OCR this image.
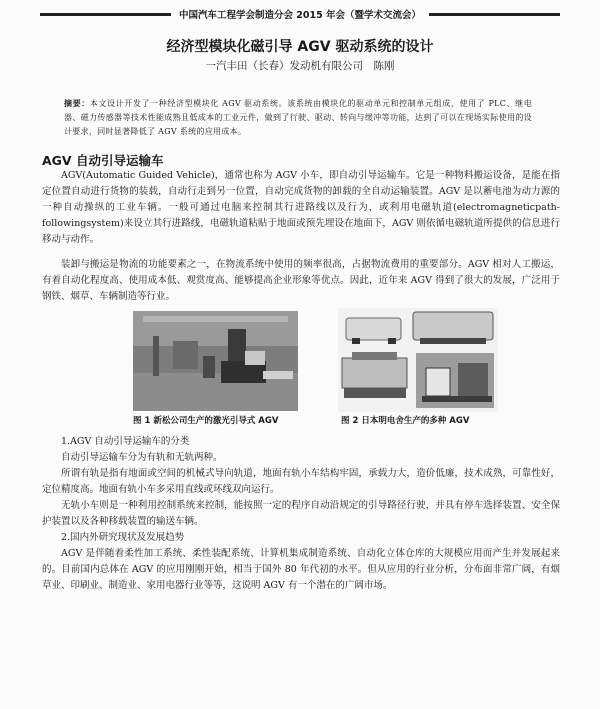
中国汽车工程学会制造分会 2015 年会（暨学术交流会）
经济型模块化磁引导 AGV 驱动系统的设计
一汽丰田（长春）发动机有限公司　陈刚
摘要：本文设计开发了一种经济型模块化 AGV 驱动系统。该系统由模块化的驱动单元和控制单元组成，使用了 PLC、继电器、磁力传感器等技术性能成熟且低成本的工业元件，做到了行驶、驱动、转向与缓冲等功能，达到了可以在现场实际使用的设计要求，同时显著降低了 AGV 系统的应用成本。
AGV 自动引导运输车

AGV(Automatic Guided Vehicle)，通常也称为 AGV 小车，即自动引导运输车。它是一种物料搬运设备，是能在指定位置自动进行货物的装载，自动行走到另一位置，自动完成货物的卸载的全自动运输装置。AGV 是以蓄电池为动力源的一种自动操纵的工业车辆。一般可通过电脑来控制其行进路线以及行为，或利用电磁轨道(electromagneticpath-followingsystem)来设立其行进路线，电磁轨道粘贴于地面或预先埋设在地面下，AGV 则依循电磁轨道所提供的信息进行移动与动作。

装卸与搬运是物流的功能要素之一，在物流系统中使用的频率很高，占据物流费用的重要部分。AGV 相对人工搬运，有着自动化程度高、使用成本低、观赏度高、能够提高企业形象等优点。因此，近年来 AGV 得到了很大的发展，广泛用于钢铁、烟草、车辆制造等行业。

图 1 新松公司生产的激光引导式 AGV	图 2 日本明电舍生产的多种 AGV
1.AGV 自动引导运输车的分类
自动引导运输车分为有轨和无轨两种。
所谓有轨是指有地面或空间的机械式导向轨道，地面有轨小车结构牢固，承载力大，造价低廉，技术成熟，可靠性好，定位精度高。地面有轨小车多采用直线或环线双向运行。
无轨小车则是一种利用控制系统来控制，能按照一定的程序自动沿规定的引导路径行驶，并具有停车选择装置、安全保护装置以及各种移载装置的输送车辆。
2.国内外研究现状及发展趋势
AGV 是伴随着柔性加工系统、柔性装配系统、计算机集成制造系统、自动化立体仓库的大规模应用而产生并发展起来的。目前国内总体在 AGV 的应用刚刚开始，相当于国外 80 年代初的水平。但从应用的行业分析，分布面非常广阔，有烟草业、印刷业、制造业、家用电器行业等等，这说明 AGV 有一个潜在的广阔市场。
